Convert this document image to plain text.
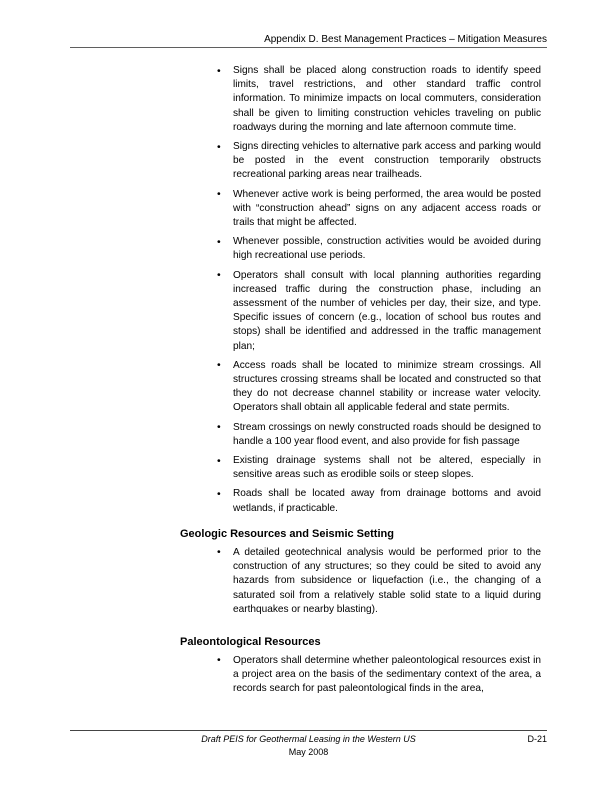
Appendix D. Best Management Practices – Mitigation Measures
• Signs shall be placed along construction roads to identify speed limits, travel restrictions, and other standard traffic control information. To minimize impacts on local commuters, consideration shall be given to limiting construction vehicles traveling on public roadways during the morning and late afternoon commute time.
• Signs directing vehicles to alternative park access and parking would be posted in the event construction temporarily obstructs recreational parking areas near trailheads.
• Whenever active work is being performed, the area would be posted with “construction ahead” signs on any adjacent access roads or trails that might be affected.
• Whenever possible, construction activities would be avoided during high recreational use periods.
• Operators shall consult with local planning authorities regarding increased traffic during the construction phase, including an assessment of the number of vehicles per day, their size, and type. Specific issues of concern (e.g., location of school bus routes and stops) shall be identified and addressed in the traffic management plan;
• Access roads shall be located to minimize stream crossings. All structures crossing streams shall be located and constructed so that they do not decrease channel stability or increase water velocity. Operators shall obtain all applicable federal and state permits.
• Stream crossings on newly constructed roads should be designed to handle a 100 year flood event, and also provide for fish passage
• Existing drainage systems shall not be altered, especially in sensitive areas such as erodible soils or steep slopes.
• Roads shall be located away from drainage bottoms and avoid wetlands, if practicable.
Geologic Resources and Seismic Setting
• A detailed geotechnical analysis would be performed prior to the construction of any structures; so they could be sited to avoid any hazards from subsidence or liquefaction (i.e., the changing of a saturated soil from a relatively stable solid state to a liquid during earthquakes or nearby blasting).
Paleontological Resources
• Operators shall determine whether paleontological resources exist in a project area on the basis of the sedimentary context of the area, a records search for past paleontological finds in the area,
Draft PEIS for Geothermal Leasing in the Western US
May 2008
D-21
